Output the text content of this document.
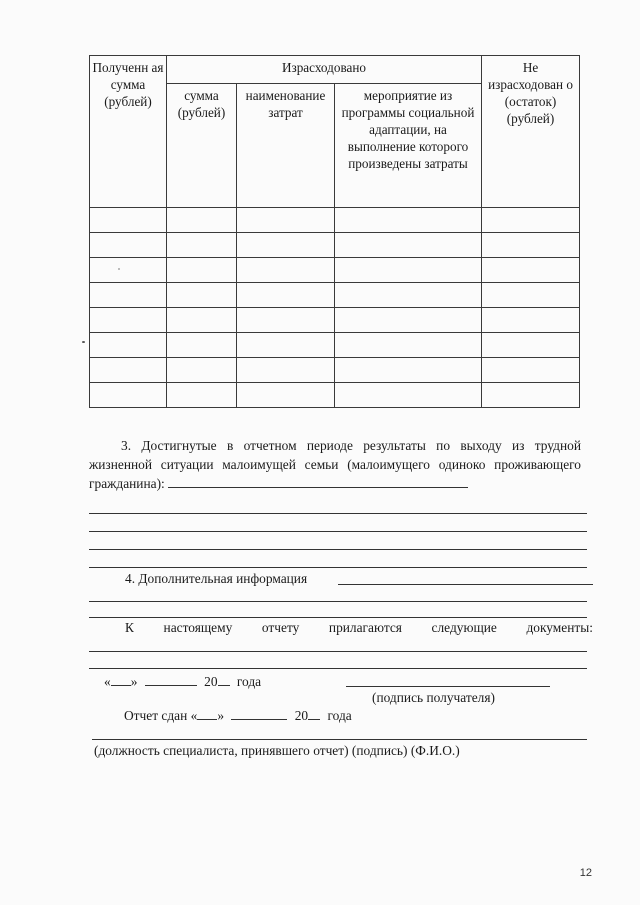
Полученн ая сумма (рублей)	Израсходовано			Не израсходован о (остаток) (рублей)
	сумма (рублей)	наименование затрат	мероприятие из программы социальной адаптации, на выполнение которого произведены затраты	

3. Достигнутые в отчетном периоде результаты по выходу из трудной жизненной ситуации малоимущей семьи (малоимущего одиноко проживающего гражданина):
4. Дополнительная информация
К настоящему отчету прилагаются следующие документы:
« »	20 года
(подпись получателя)
Отчет сдан « »	20 года
(должность специалиста, принявшего отчет) (подпись) (Ф.И.О.)
12
